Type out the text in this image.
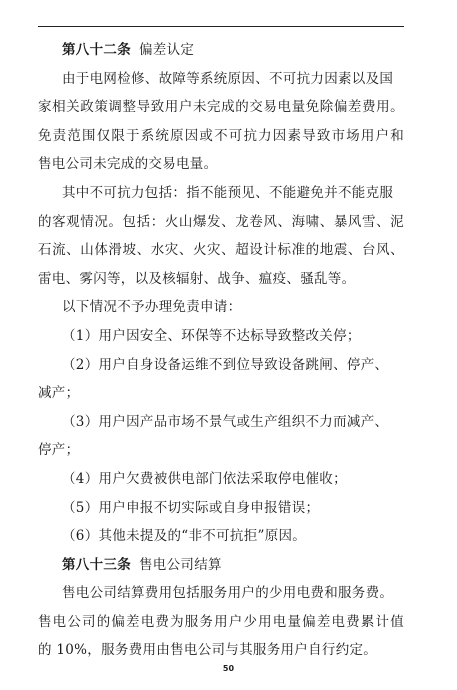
第八十二条 偏差认定
由于电网检修、故障等系统原因、不可抗力因素以及国
家相关政策调整导致用户未完成的交易电量免除偏差费用。
免责范围仅限于系统原因或不可抗力因素导致市场用户和
售电公司未完成的交易电量。
其中不可抗力包括：指不能预见、不能避免并不能克服
的客观情况。包括：火山爆发、龙卷风、海啸、暴风雪、泥
石流、山体滑坡、水灾、火灾、超设计标准的地震、台风、
雷电、雾闪等，以及核辐射、战争、瘟疫、骚乱等。
以下情况不予办理免责申请：
（1）用户因安全、环保等不达标导致整改关停；
（2）用户自身设备运维不到位导致设备跳闸、停产、
减产；
（3）用户因产品市场不景气或生产组织不力而减产、
停产；
（4）用户欠费被供电部门依法采取停电催收；
（5）用户申报不切实际或自身申报错误；
（6）其他未提及的“非不可抗拒”原因。
第八十三条 售电公司结算
售电公司结算费用包括服务用户的少用电费和服务费。
售电公司的偏差电费为服务用户少用电量偏差电费累计值
的 10%，服务费用由售电公司与其服务用户自行约定。
50
